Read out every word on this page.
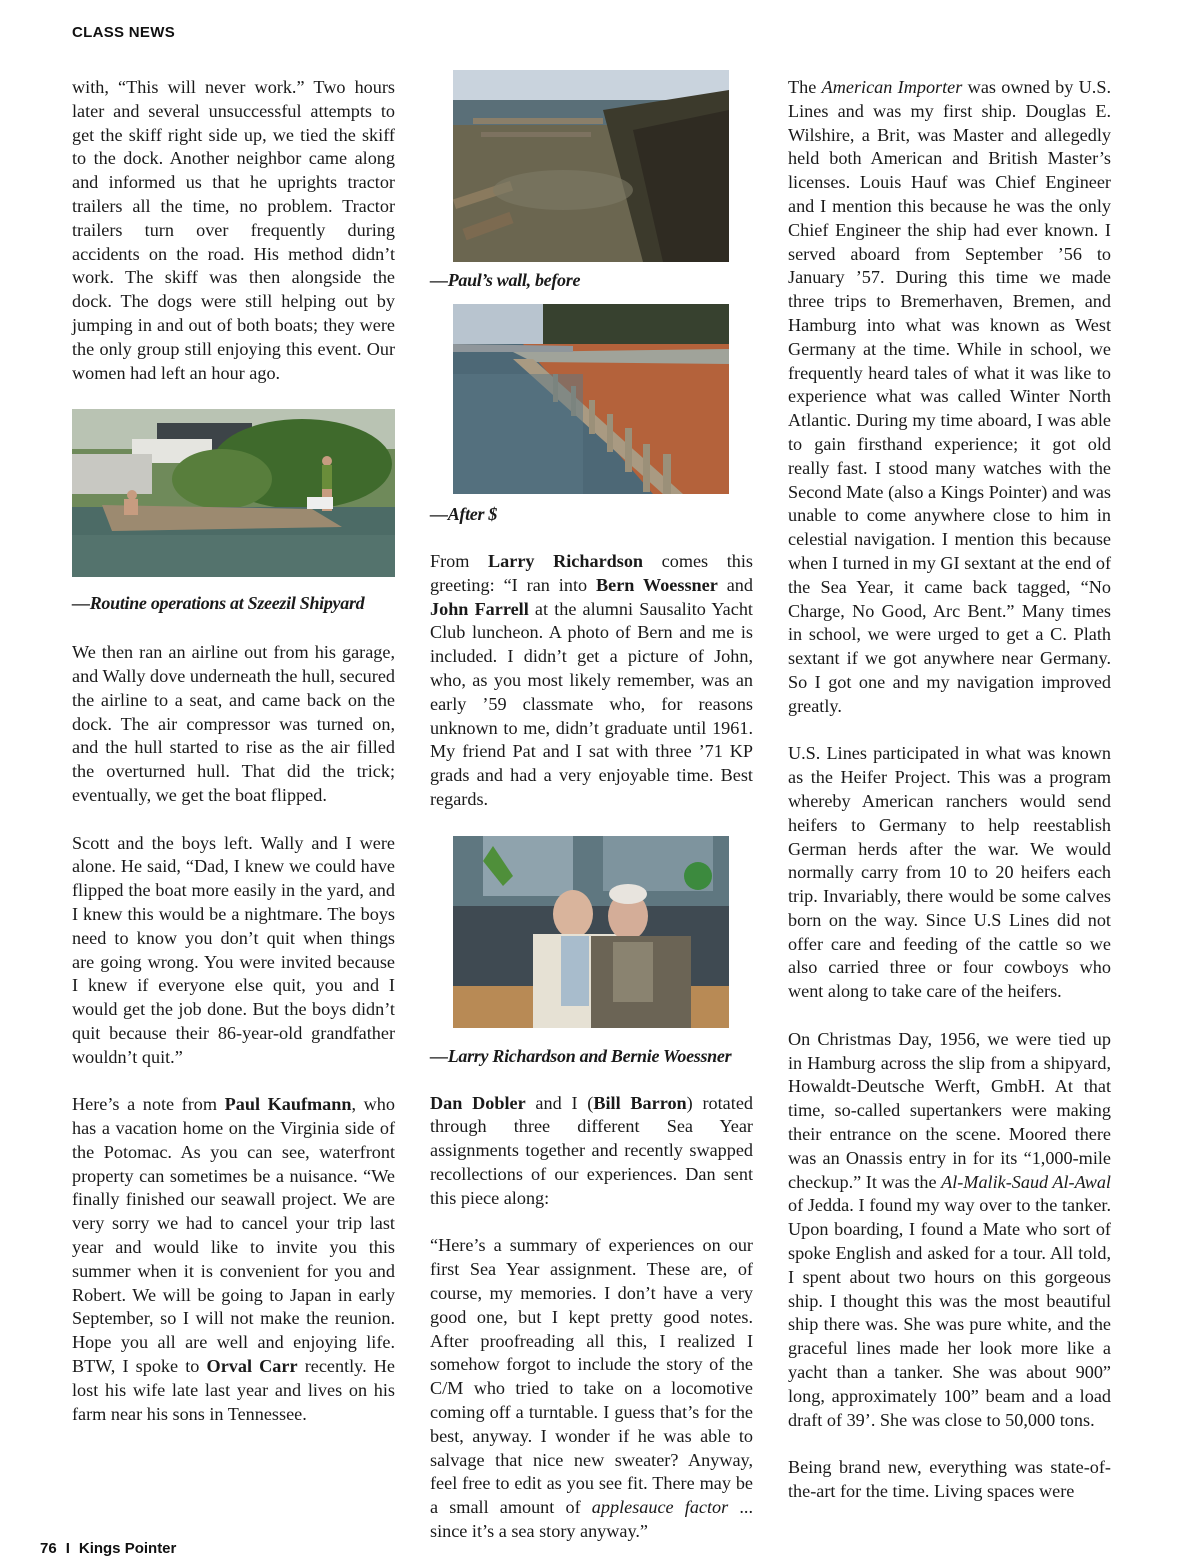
CLASS NEWS

with, “This will never work.” Two hours later and several unsuccessful attempts to get the skiff right side up, we tied the skiff to the dock. Another neighbor came along and informed us that he uprights tractor trailers all the time, no problem. Tractor trailers turn over frequently during accidents on the road. His method didn’t work. The skiff was then alongside the dock. The dogs were still helping out by jumping in and out of both boats; they were the only group still enjoying this event. Our women had left an hour ago.

—Routine operations at Szeezil Shipyard

We then ran an airline out from his garage, and Wally dove underneath the hull, secured the airline to a seat, and came back on the dock. The air compressor was turned on, and the hull started to rise as the air filled the overturned hull. That did the trick; eventually, we get the boat flipped.

Scott and the boys left. Wally and I were alone. He said, “Dad, I knew we could have flipped the boat more easily in the yard, and I knew this would be a nightmare. The boys need to know you don’t quit when things are going wrong. You were invited because I knew if everyone else quit, you and I would get the job done. But the boys didn’t quit because their 86-year-old grandfather wouldn’t quit.”

Here’s a note from Paul Kaufmann, who has a vacation home on the Virginia side of the Potomac. As you can see, waterfront property can sometimes be a nuisance. “We finally finished our seawall project. We are very sorry we had to cancel your trip last year and would like to invite you this summer when it is convenient for you and Robert. We will be going to Japan in early September, so I will not make the reunion. Hope you all are well and enjoying life. BTW, I spoke to Orval Carr recently. He lost his wife late last year and lives on his farm near his sons in Tennessee.

—Paul’s wall, before
—After $

From Larry Richardson comes this greeting: “I ran into Bern Woessner and John Farrell at the alumni Sausalito Yacht Club luncheon. A photo of Bern and me is included. I didn’t get a picture of John, who, as you most likely remember, was an early ’59 classmate who, for reasons unknown to me, didn’t graduate until 1961. My friend Pat and I sat with three ’71 KP grads and had a very enjoyable time. Best regards.

—Larry Richardson and Bernie Woessner

Dan Dobler and I (Bill Barron) rotated through three different Sea Year assignments together and recently swapped recollections of our experiences. Dan sent this piece along:

“Here’s a summary of experiences on our first Sea Year assignment. These are, of course, my memories. I don’t have a very good one, but I kept pretty good notes. After proofreading all this, I realized I somehow forgot to include the story of the C/M who tried to take on a locomotive coming off a turntable. I guess that’s for the best, anyway. I wonder if he was able to salvage that nice new sweater? Anyway, feel free to edit as you see fit. There may be a small amount of applesauce factor ... since it’s a sea story anyway.”

The American Importer was owned by U.S. Lines and was my first ship. Douglas E. Wilshire, a Brit, was Master and allegedly held both American and British Master’s licenses. Louis Hauf was Chief Engineer and I mention this because he was the only Chief Engineer the ship had ever known. I served aboard from September ’56 to January ’57. During this time we made three trips to Bremerhaven, Bremen, and Hamburg into what was known as West Germany at the time. While in school, we frequently heard tales of what it was like to experience what was called Winter North Atlantic. During my time aboard, I was able to gain firsthand experience; it got old really fast. I stood many watches with the Second Mate (also a Kings Pointer) and was unable to come anywhere close to him in celestial navigation. I mention this because when I turned in my GI sextant at the end of the Sea Year, it came back tagged, “No Charge, No Good, Arc Bent.” Many times in school, we were urged to get a C. Plath sextant if we got anywhere near Germany. So I got one and my navigation improved greatly.

U.S. Lines participated in what was known as the Heifer Project. This was a program whereby American ranchers would send heifers to Germany to help reestablish German herds after the war. We would normally carry from 10 to 20 heifers each trip. Invariably, there would be some calves born on the way. Since U.S Lines did not offer care and feeding of the cattle so we also carried three or four cowboys who went along to take care of the heifers.

On Christmas Day, 1956, we were tied up in Hamburg across the slip from a shipyard, Howaldt-Deutsche Werft, GmbH. At that time, so-called supertankers were making their entrance on the scene. Moored there was an Onassis entry in for its “1,000-mile checkup.” It was the Al-Malik-Saud Al-Awal of Jedda. I found my way over to the tanker. Upon boarding, I found a Mate who sort of spoke English and asked for a tour. All told, I spent about two hours on this gorgeous ship. I thought this was the most beautiful ship there was. She was pure white, and the graceful lines made her look more like a yacht than a tanker. She was about 900” long, approximately 100” beam and a load draft of 39’. She was close to 50,000 tons.

Being brand new, everything was state-of-the-art for the time. Living spaces were

76 I Kings Pointer
